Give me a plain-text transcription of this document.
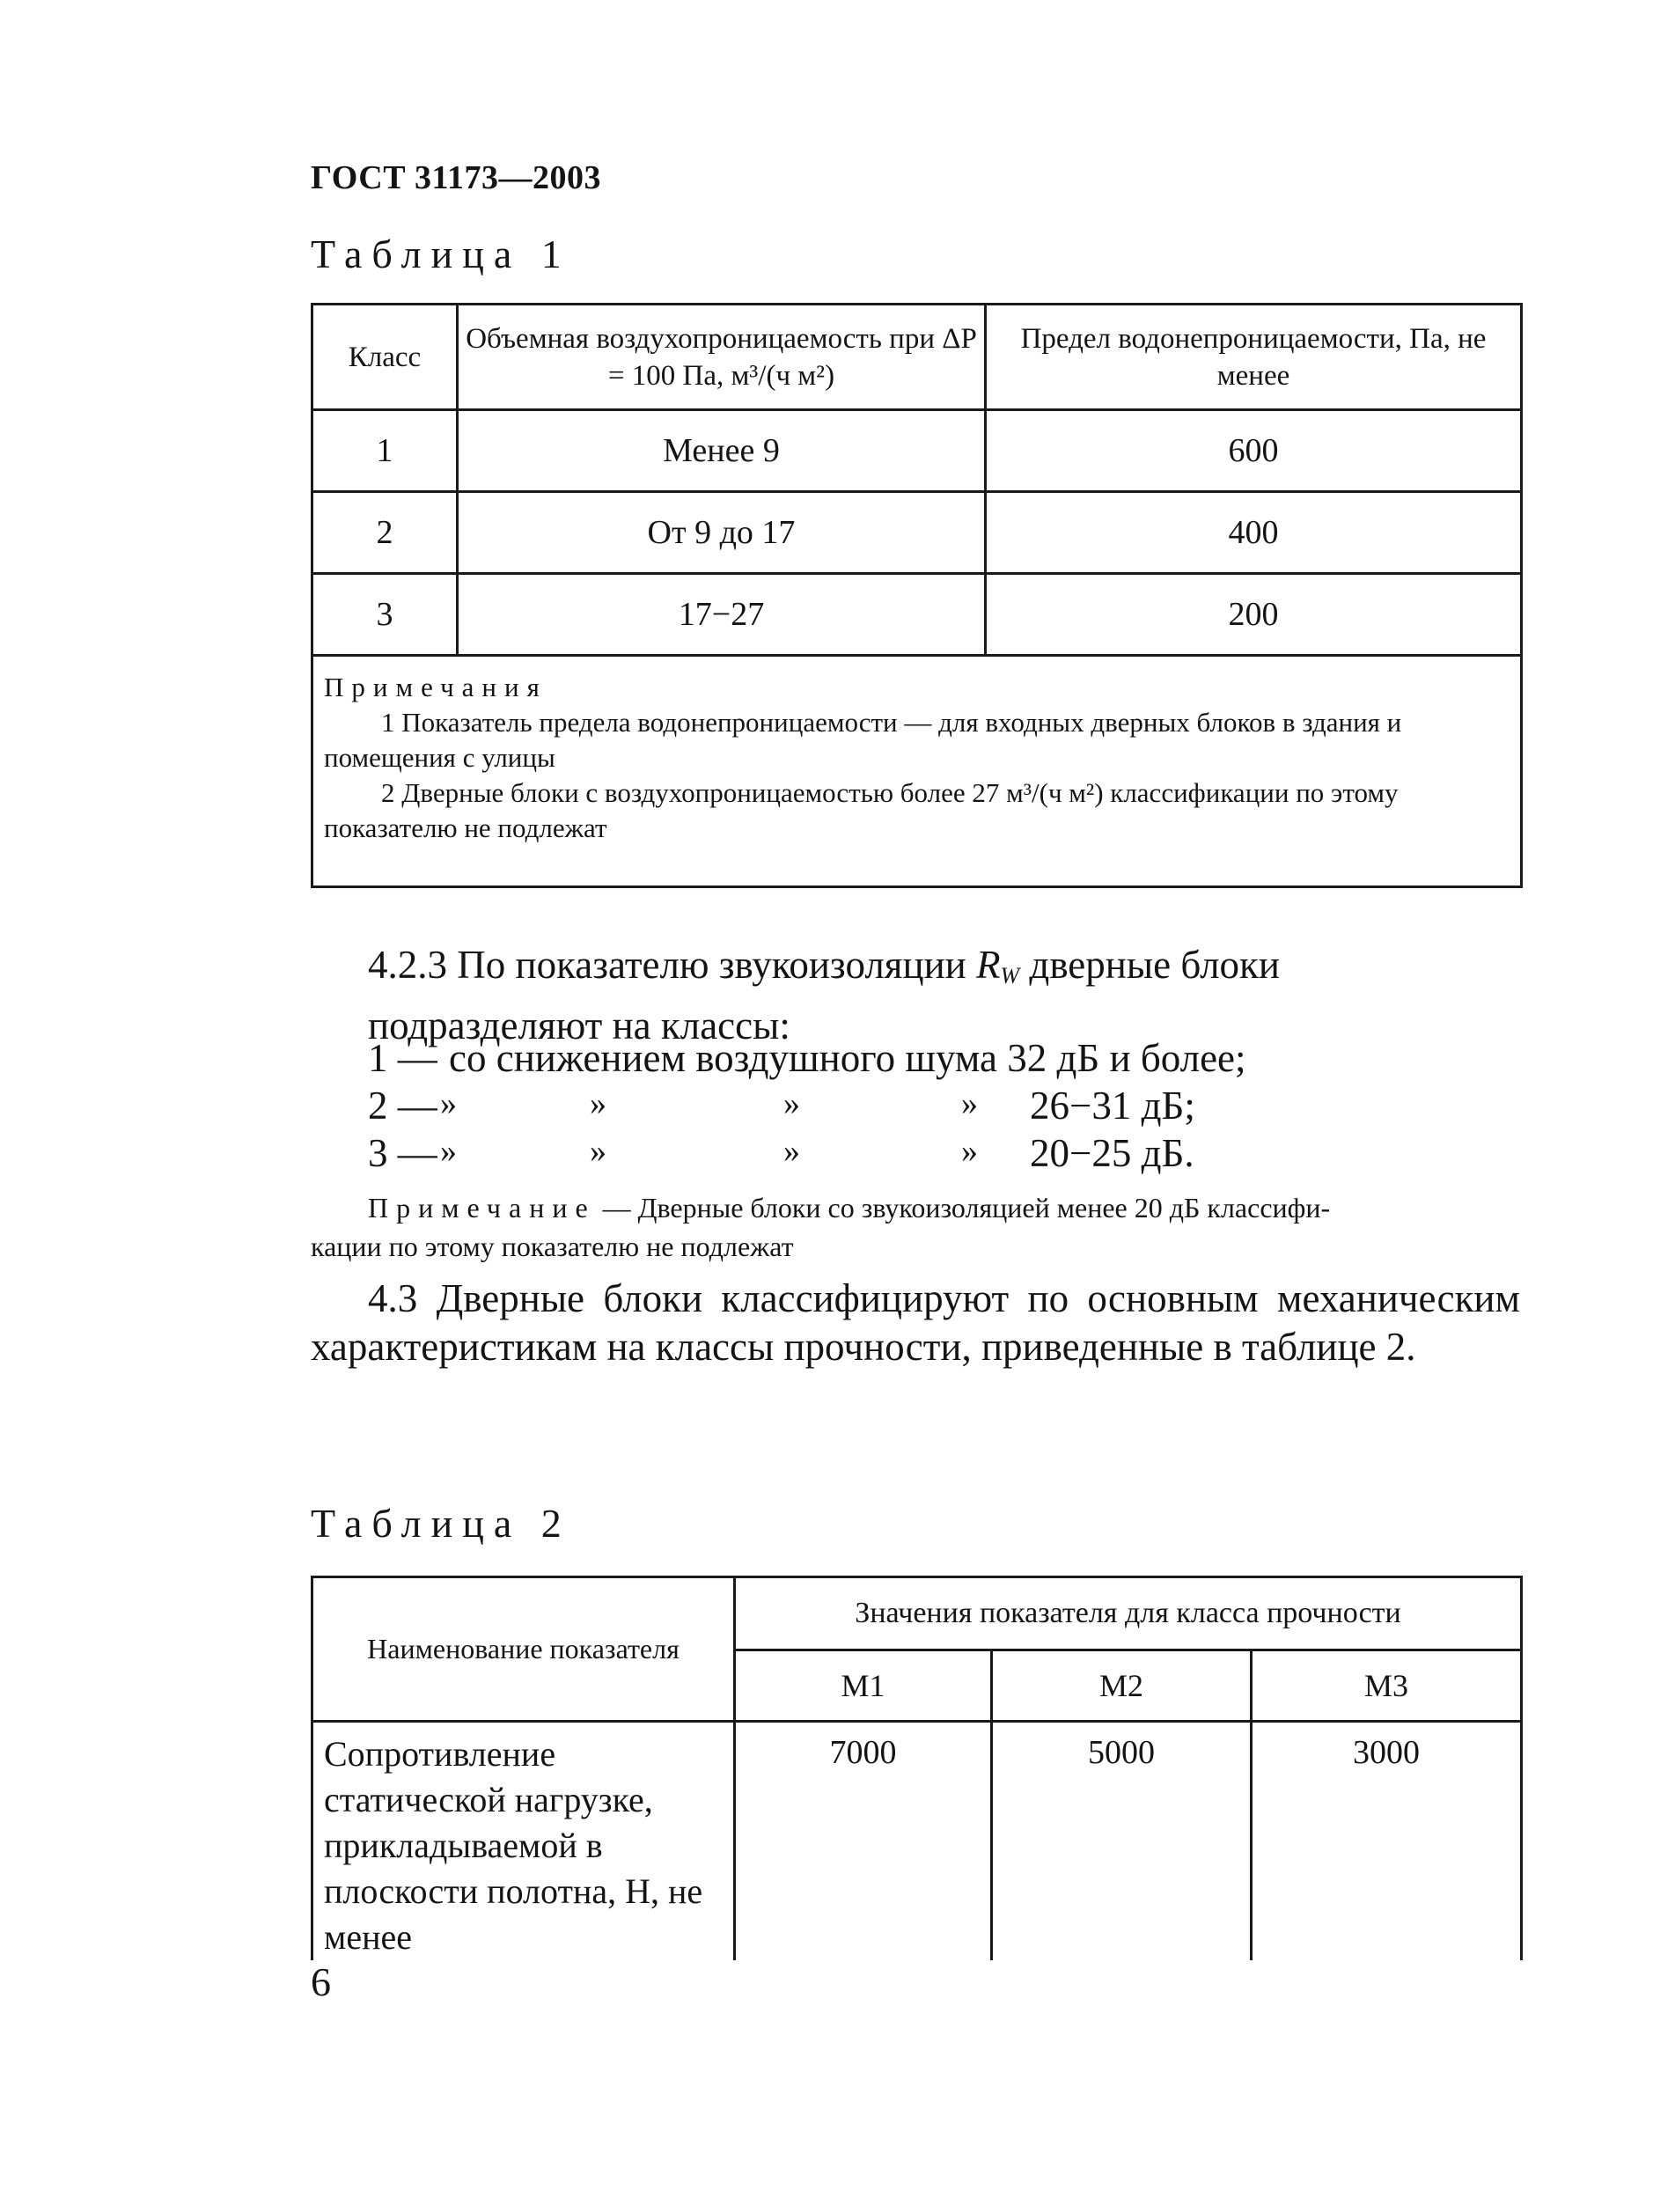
ГОСТ 31173—2003
Таблица 1
Класс	Объемная воздухопроницаемость при ΔP = 100 Па, м³/(ч м²)	Предел водонепроницаемости, Па, не менее
1	Менее 9	600
2	От 9 до 17	400
3	17−27	200

Примечания
1 Показатель предела водонепроницаемости — для входных дверных блоков в здания и помещения с улицы
2 Дверные блоки с воздухопроницаемостью более 27 м³/(ч м²) классификации по этому показателю не подлежат		
4.2.3 По показателю звукоизоляции RW дверные блоки подразделяют на классы:
1 — со снижением воздушного шума 32 дБ и более;
2 — »	»	»	» 26−31 дБ;
3 — »	»	»	» 20−25 дБ.
Примечание — Дверные блоки со звукоизоляцией менее 20 дБ классифи-
кации по этому показателю не подлежат
4.3 Дверные блоки классифицируют по основным механическим характеристикам на классы прочности, приведенные в таблице 2.
Таблица 2
Наименование показателя	Значения показателя для класса прочности		
	M1	M2	M3
Сопротивление статической нагрузке, прикладываемой в плоскости полотна, Н, не менее	7000	5000	3000
6
